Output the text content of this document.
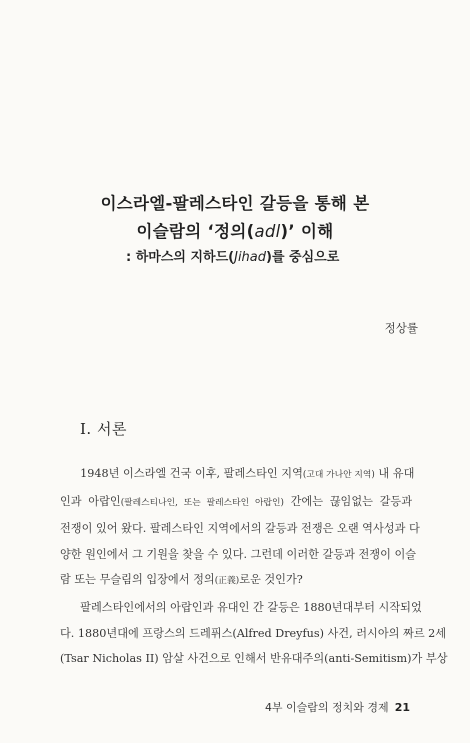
이스라엘-팔레스타인 갈등을 통해 본
이슬람의 ‘정의(adl)’ 이해
: 하마스의 지하드(Jihad)를 중심으로
정상률
I. 서론

1948년 이스라엘 건국 이후, 팔레스타인 지역(고대 가나안 지역) 내 유대
인과 아랍인(팔레스티나인, 또는 팔레스타인 아랍인) 간에는 끊임없는 갈등과
전쟁이 있어 왔다. 팔레스타인 지역에서의 갈등과 전쟁은 오랜 역사성과 다
양한 원인에서 그 기원을 찾을 수 있다. 그런데 이러한 갈등과 전쟁이 이슬
람 또는 무슬림의 입장에서 정의(正義)로운 것인가?

팔레스타인에서의 아랍인과 유대인 간 갈등은 1880년대부터 시작되었
다. 1880년대에 프랑스의 드레퓌스(Alfred Dreyfus) 사건, 러시아의 짜르 2세
(Tsar Nicholas II) 암살 사건으로 인해서 반유대주의(anti-Semitism)가 부상

4부 이슬람의 정치와 경제 21
